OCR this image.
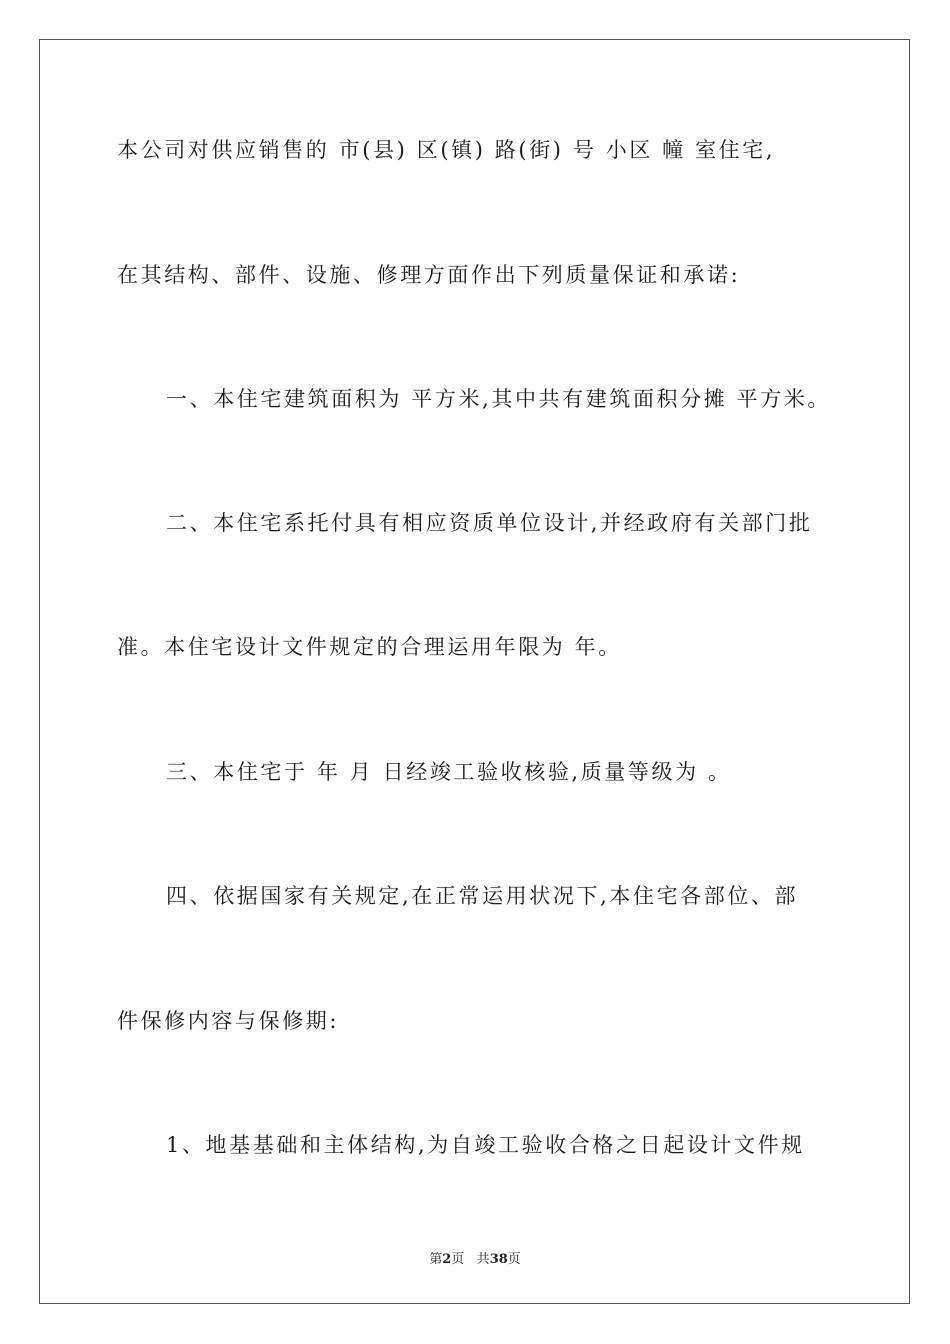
本公司对供应销售的 市(县) 区(镇) 路(街) 号 小区 幢 室住宅,
在其结构、部件、设施、修理方面作出下列质量保证和承诺:
一、本住宅建筑面积为 平方米,其中共有建筑面积分摊 平方米。
二、本住宅系托付具有相应资质单位设计,并经政府有关部门批
准。本住宅设计文件规定的合理运用年限为 年。
三、本住宅于 年 月 日经竣工验收核验,质量等级为 。
四、依据国家有关规定,在正常运用状况下,本住宅各部位、部
件保修内容与保修期:
1、地基基础和主体结构,为自竣工验收合格之日起设计文件规
第2页 共38页
